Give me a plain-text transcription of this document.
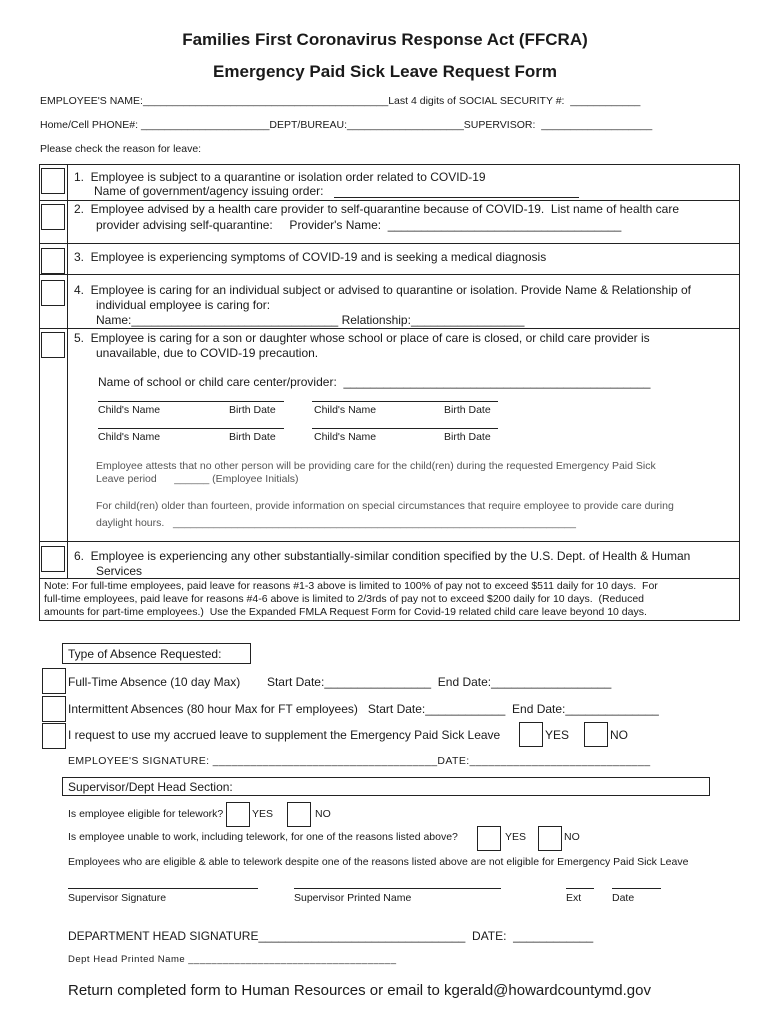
Families First Coronavirus Response Act (FFCRA)
Emergency Paid Sick Leave Request Form
EMPLOYEE'S NAME:__________________________________________Last 4 digits of SOCIAL SECURITY #:  ____________
Home/Cell PHONE#: ______________________DEPT/BUREAU:____________________SUPERVISOR:  ___________________
Please check the reason for leave:
1.  Employee is subject to a quarantine or isolation order related to COVID-19
Name of government/agency issuing order:
2.  Employee advised by a health care provider to self-quarantine because of COVID-19.  List name of health care
provider advising self-quarantine:     Provider's Name:  ___________________________________
3.  Employee is experiencing symptoms of COVID-19 and is seeking a medical diagnosis
4.  Employee is caring for an individual subject or advised to quarantine or isolation. Provide Name & Relationship of
individual employee is caring for:
Name:_______________________________ Relationship:_________________
5.  Employee is caring for a son or daughter whose school or place of care is closed, or child care provider is
unavailable, due to COVID-19 precaution.
Name of school or child care center/provider:  ______________________________________________
Child's Name	Birth Date	Child's Name	Birth Date
Child's Name	Birth Date	Child's Name	Birth Date
Employee attests that no other person will be providing care for the child(ren) during the requested Emergency Paid Sick
Leave period      ______ (Employee Initials)
For child(ren) older than fourteen, provide information on special circumstances that require employee to provide care during
daylight hours.   _____________________________________________________________________
6.  Employee is experiencing any other substantially-similar condition specified by the U.S. Dept. of Health & Human
Services
Note: For full-time employees, paid leave for reasons #1-3 above is limited to 100% of pay not to exceed $511 daily for 10 days.  For
full-time employees, paid leave for reasons #4-6 above is limited to 2/3rds of pay not to exceed $200 daily for 10 days.  (Reduced
amounts for part-time employees.)  Use the Expanded FMLA Request Form for Covid-19 related child care leave beyond 10 days.
Type of Absence Requested:
Full-Time Absence (10 day Max)        Start Date:________________  End Date:__________________
Intermittent Absences (80 hour Max for FT employees)   Start Date:____________  End Date:______________
I request to use my accrued leave to supplement the Emergency Paid Sick Leave	YES	NO
EMPLOYEE'S SIGNATURE: ____________________________________DATE:_____________________________
Supervisor/Dept Head Section:
Is employee eligible for telework?	YES	NO
Is employee unable to work, including telework, for one of the reasons listed above?	YES	NO
Employees who are eligible & able to telework despite one of the reasons listed above are not eligible for Emergency Paid Sick Leave
Supervisor Signature	Supervisor Printed Name	Ext	Date
DEPARTMENT HEAD SIGNATURE_______________________________  DATE:  ____________
Dept Head Printed Name ____________________________________
Return completed form to Human Resources or email to kgerald@howardcountymd.gov
